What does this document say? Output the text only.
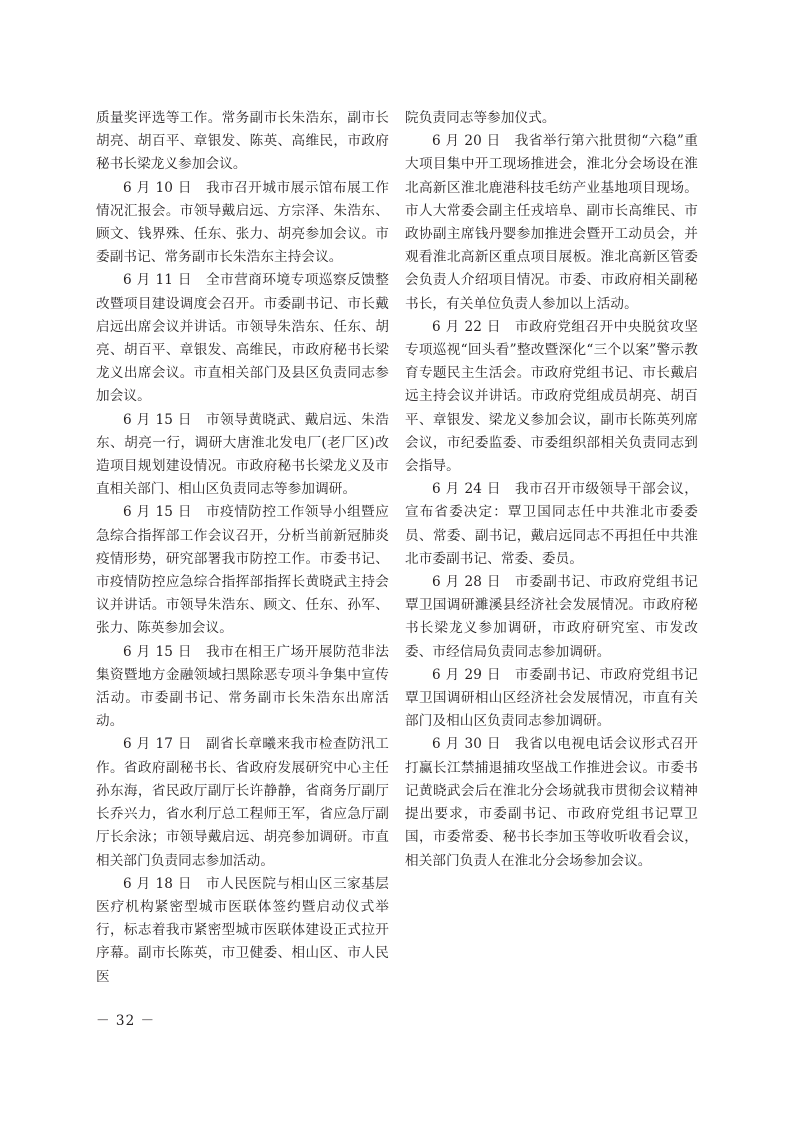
质量奖评选等工作。常务副市长朱浩东，副市长胡亮、胡百平、章银发、陈英、高维民，市政府秘书长梁龙义参加会议。

6 月 10 日 我市召开城市展示馆布展工作情况汇报会。市领导戴启远、方宗泽、朱浩东、顾文、钱界殊、任东、张力、胡亮参加会议。市委副书记、常务副市长朱浩东主持会议。

6 月 11 日 全市营商环境专项巡察反馈整改暨项目建设调度会召开。市委副书记、市长戴启远出席会议并讲话。市领导朱浩东、任东、胡亮、胡百平、章银发、高维民，市政府秘书长梁龙义出席会议。市直相关部门及县区负责同志参加会议。

6 月 15 日 市领导黄晓武、戴启远、朱浩东、胡亮一行，调研大唐淮北发电厂(老厂区)改造项目规划建设情况。市政府秘书长梁龙义及市直相关部门、相山区负责同志等参加调研。

6 月 15 日 市疫情防控工作领导小组暨应急综合指挥部工作会议召开，分析当前新冠肺炎疫情形势，研究部署我市防控工作。市委书记、市疫情防控应急综合指挥部指挥长黄晓武主持会议并讲话。市领导朱浩东、顾文、任东、孙军、张力、陈英参加会议。

6 月 15 日 我市在相王广场开展防范非法集资暨地方金融领域扫黑除恶专项斗争集中宣传活动。市委副书记、常务副市长朱浩东出席活动。

6 月 17 日 副省长章曦来我市检查防汛工作。省政府副秘书长、省政府发展研究中心主任孙东海，省民政厅副厅长许静静，省商务厅副厅长乔兴力，省水利厅总工程师王军，省应急厅副厅长余泳；市领导戴启远、胡亮参加调研。市直相关部门负责同志参加活动。

6 月 18 日 市人民医院与相山区三家基层医疗机构紧密型城市医联体签约暨启动仪式举行，标志着我市紧密型城市医联体建设正式拉开序幕。副市长陈英，市卫健委、相山区、市人民医

院负责同志等参加仪式。

6 月 20 日 我省举行第六批贯彻“六稳”重大项目集中开工现场推进会，淮北分会场设在淮北高新区淮北鹿港科技毛纺产业基地项目现场。市人大常委会副主任戎培阜、副市长高维民、市政协副主席钱丹婴参加推进会暨开工动员会，并观看淮北高新区重点项目展板。淮北高新区管委会负责人介绍项目情况。市委、市政府相关副秘书长，有关单位负责人参加以上活动。

6 月 22 日 市政府党组召开中央脱贫攻坚专项巡视“回头看”整改暨深化“三个以案”警示教育专题民主生活会。市政府党组书记、市长戴启远主持会议并讲话。市政府党组成员胡亮、胡百平、章银发、梁龙义参加会议，副市长陈英列席会议，市纪委监委、市委组织部相关负责同志到会指导。

6 月 24 日 我市召开市级领导干部会议，宣布省委决定：覃卫国同志任中共淮北市委委员、常委、副书记，戴启远同志不再担任中共淮北市委副书记、常委、委员。

6 月 28 日 市委副书记、市政府党组书记覃卫国调研濉溪县经济社会发展情况。市政府秘书长梁龙义参加调研，市政府研究室、市发改委、市经信局负责同志参加调研。

6 月 29 日 市委副书记、市政府党组书记覃卫国调研相山区经济社会发展情况，市直有关部门及相山区负责同志参加调研。

6 月 30 日 我省以电视电话会议形式召开打赢长江禁捕退捕攻坚战工作推进会议。市委书记黄晓武会后在淮北分会场就我市贯彻会议精神提出要求，市委副书记、市政府党组书记覃卫国，市委常委、秘书长李加玉等收听收看会议，相关部门负责人在淮北分会场参加会议。

－ 32 －
